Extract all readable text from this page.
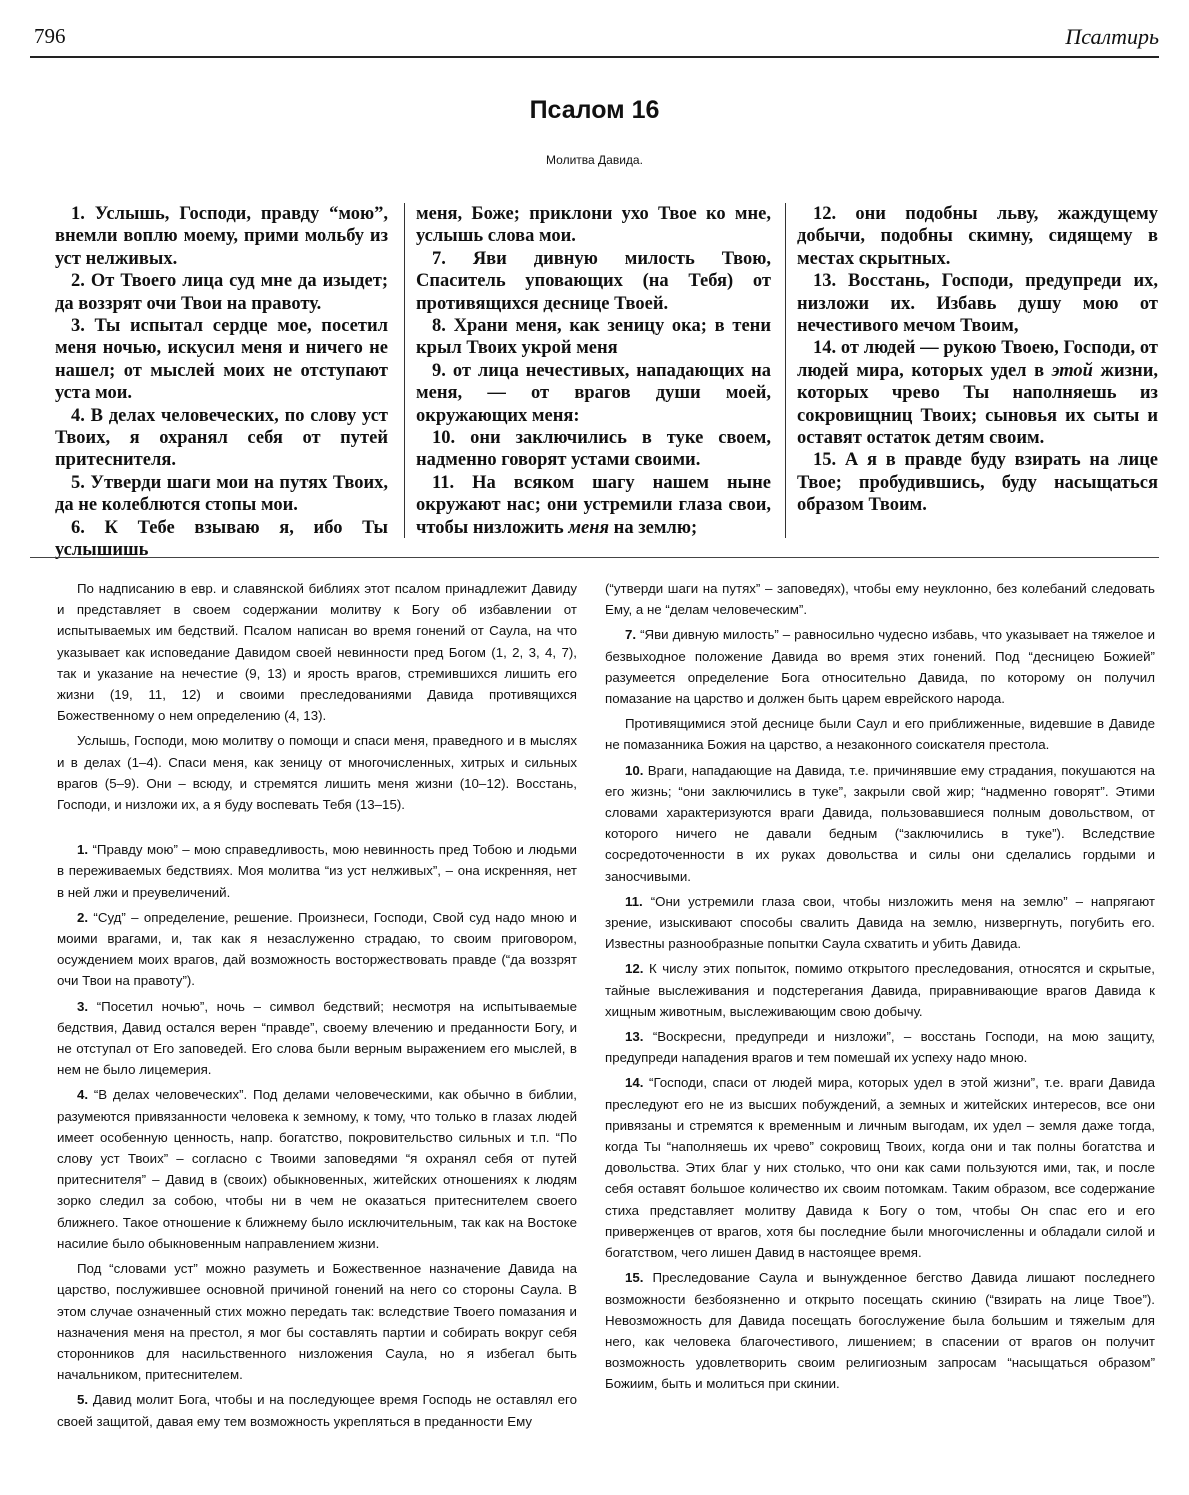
796	Псалтирь
Псалом 16
Молитва Давида.

1. Услышь, Господи, правду “мою”, внемли воплю моему, прими мольбу из уст нелживых.

2. От Твоего лица суд мне да изыдет; да воззрят очи Твои на правоту.

3. Ты испытал сердце мое, посетил меня ночью, искусил меня и ничего не нашел; от мыслей моих не отступают уста мои.

4. В делах человеческих, по слову уст Твоих, я охранял себя от путей притеснителя.

5. Утверди шаги мои на путях Твоих, да не колеблются стопы мои.

6. К Тебе взываю я, ибо Ты услышишь

меня, Боже; приклони ухо Твое ко мне, услышь слова мои.

7. Яви дивную милость Твою, Спаситель уповающих (на Тебя) от противящихся деснице Твоей.

8. Храни меня, как зеницу ока; в тени крыл Твоих укрой меня

9. от лица нечестивых, нападающих на меня, — от врагов души моей, окружающих меня:

10. они заключились в туке своем, надменно говорят устами своими.

11. На всяком шагу нашем ныне окружают нас; они устремили глаза свои, чтобы низложить меня на землю;

12. они подобны льву, жаждущему добычи, подобны скимну, сидящему в местах скрытных.

13. Восстань, Господи, предупреди их, низложи их. Избавь душу мою от нечестивого мечом Твоим,

14. от людей — рукою Твоею, Господи, от людей мира, которых удел в этой жизни, которых чрево Ты наполняешь из сокровищниц Твоих; сыновья их сыты и оставят остаток детям своим.

15. А я в правде буду взирать на лице Твое; пробудившись, буду насыщаться образом Твоим.

По надписанию в евр. и славянской библиях этот псалом принадлежит Давиду и представляет в своем содержании молитву к Богу об избавлении от испытываемых им бедствий. Псалом написан во время гонений от Саула, на что указывает как исповедание Давидом своей невинности пред Богом (1, 2, 3, 4, 7), так и указание на нечестие (9, 13) и ярость врагов, стремившихся лишить его жизни (19, 11, 12) и своими преследованиями Давида противящихся Божественному о нем определению (4, 13).

Услышь, Господи, мою молитву о помощи и спаси меня, праведного и в мыслях и в делах (1–4). Спаси меня, как зеницу от многочисленных, хитрых и сильных врагов (5–9). Они – всюду, и стремятся лишить меня жизни (10–12). Восстань, Господи, и низложи их, а я буду воспевать Тебя (13–15).

1. “Правду мою” – мою справедливость, мою невинность пред Тобою и людьми в переживаемых бедствиях. Моя молитва “из уст нелживых”, – она искренняя, нет в ней лжи и преувеличений.

2. “Суд” – определение, решение. Произнеси, Господи, Свой суд надо мною и моими врагами, и, так как я незаслуженно страдаю, то своим приговором, осуждением моих врагов, дай возможность восторжествовать правде (“да воззрят очи Твои на правоту”).

3. “Посетил ночью”, ночь – символ бедствий; несмотря на испытываемые бедствия, Давид остался верен “правде”, своему влечению и преданности Богу, и не отступал от Его заповедей. Его слова были верным выражением его мыслей, в нем не было лицемерия.

4. “В делах человеческих”. Под делами человеческими, как обычно в библии, разумеются привязанности человека к земному, к тому, что только в глазах людей имеет особенную ценность, напр. богатство, покровительство сильных и т.п. “По слову уст Твоих” – согласно с Твоими заповедями “я охранял себя от путей притеснителя” – Давид в (своих) обыкновенных, житейских отношениях к людям зорко следил за собою, чтобы ни в чем не оказаться притеснителем своего ближнего. Такое отношение к ближнему было исключительным, так как на Востоке насилие было обыкновенным направлением жизни.

Под “словами уст” можно разуметь и Божественное назначение Давида на царство, послужившее основной причиной гонений на него со стороны Саула. В этом случае означенный стих можно передать так: вследствие Твоего помазания и назначения меня на престол, я мог бы составлять партии и собирать вокруг себя сторонников для насильственного низложения Саула, но я избегал быть начальником, притеснителем.

5. Давид молит Бога, чтобы и на последующее время Господь не оставлял его своей защитой, давая ему тем возможность укрепляться в преданности Ему

(“утверди шаги на путях” – заповедях), чтобы ему неуклонно, без колебаний следовать Ему, а не “делам человеческим”.

7. “Яви дивную милость” – равносильно чудесно избавь, что указывает на тяжелое и безвыходное положение Давида во время этих гонений. Под “десницею Божией” разумеется определение Бога относительно Давида, по которому он получил помазание на царство и должен быть царем еврейского народа.

Противящимися этой деснице были Саул и его приближенные, видевшие в Давиде не помазанника Божия на царство, а незаконного соискателя престола.

10. Враги, нападающие на Давида, т.е. причинявшие ему страдания, покушаются на его жизнь; “они заключились в туке”, закрыли свой жир; “надменно говорят”. Этими словами характеризуются враги Давида, пользовавшиеся полным довольством, от которого ничего не давали бедным (“заключились в туке”). Вследствие сосредоточенности в их руках довольства и силы они сделались гордыми и заносчивыми.

11. “Они устремили глаза свои, чтобы низложить меня на землю” – напрягают зрение, изыскивают способы свалить Давида на землю, низвергнуть, погубить его. Известны разнообразные попытки Саула схватить и убить Давида.

12. К числу этих попыток, помимо открытого преследования, относятся и скрытые, тайные выслеживания и подстерегания Давида, приравнивающие врагов Давида к хищным животным, выслеживающим свою добычу.

13. “Воскресни, предупреди и низложи”, – восстань Господи, на мою защиту, предупреди нападения врагов и тем помешай их успеху надо мною.

14. “Господи, спаси от людей мира, которых удел в этой жизни”, т.е. враги Давида преследуют его не из высших побуждений, а земных и житейских интересов, все они привязаны и стремятся к временным и личным выгодам, их удел – земля даже тогда, когда Ты “наполняешь их чрево” сокровищ Твоих, когда они и так полны богатства и довольства. Этих благ у них столько, что они как сами пользуются ими, так, и после себя оставят большое количество их своим потомкам. Таким образом, все содержание стиха представляет молитву Давида к Богу о том, чтобы Он спас его и его приверженцев от врагов, хотя бы последние были многочисленны и обладали силой и богатством, чего лишен Давид в настоящее время.

15. Преследование Саула и вынужденное бегство Давида лишают последнего возможности безбоязненно и открыто посещать скинию (“взирать на лице Твое”). Невозможность для Давида посещать богослужение была большим и тяжелым для него, как человека благочестивого, лишением; в спасении от врагов он получит возможность удовлетворить своим религиозным запросам “насыщаться образом” Божиим, быть и молиться при скинии.
